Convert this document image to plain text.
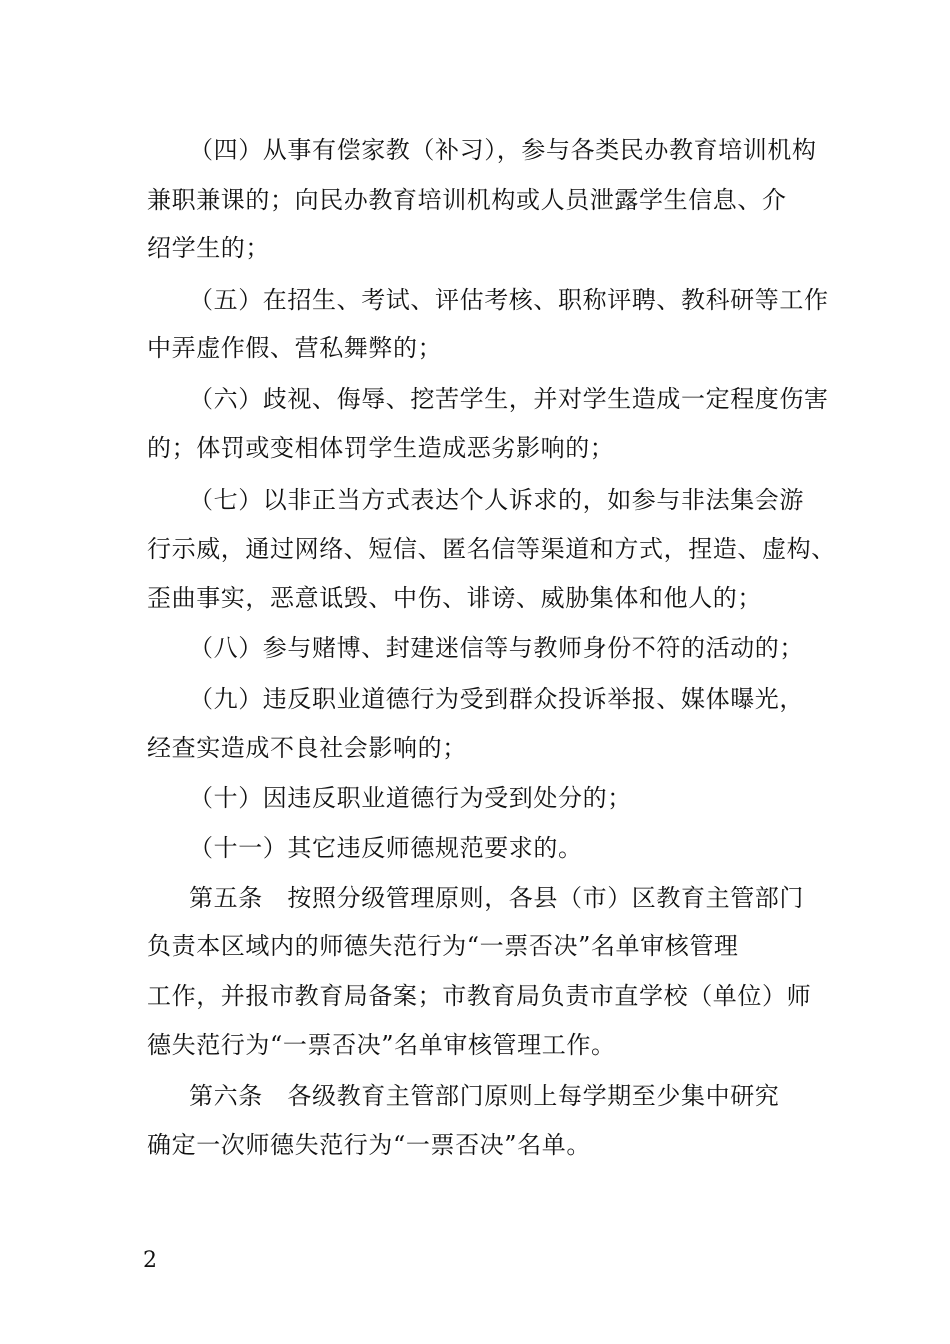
（四）从事有偿家教（补习），参与各类民办教育培训机构
兼职兼课的；向民办教育培训机构或人员泄露学生信息、介
绍学生的；
（五）在招生、考试、评估考核、职称评聘、教科研等工作
中弄虚作假、营私舞弊的；
（六）歧视、侮辱、挖苦学生，并对学生造成一定程度伤害
的；体罚或变相体罚学生造成恶劣影响的；
（七）以非正当方式表达个人诉求的，如参与非法集会游
行示威，通过网络、短信、匿名信等渠道和方式，捏造、虚构、
歪曲事实，恶意诋毁、中伤、诽谤、威胁集体和他人的；
（八）参与赌博、封建迷信等与教师身份不符的活动的；
（九）违反职业道德行为受到群众投诉举报、媒体曝光，
经查实造成不良社会影响的；
（十）因违反职业道德行为受到处分的；
（十一）其它违反师德规范要求的。
第五条　按照分级管理原则，各县（市）区教育主管部门
负责本区域内的师德失范行为“一票否决”名单审核管理
工作，并报市教育局备案；市教育局负责市直学校（单位）师
德失范行为“一票否决”名单审核管理工作。
第六条　各级教育主管部门原则上每学期至少集中研究
确定一次师德失范行为“一票否决”名单。
2
